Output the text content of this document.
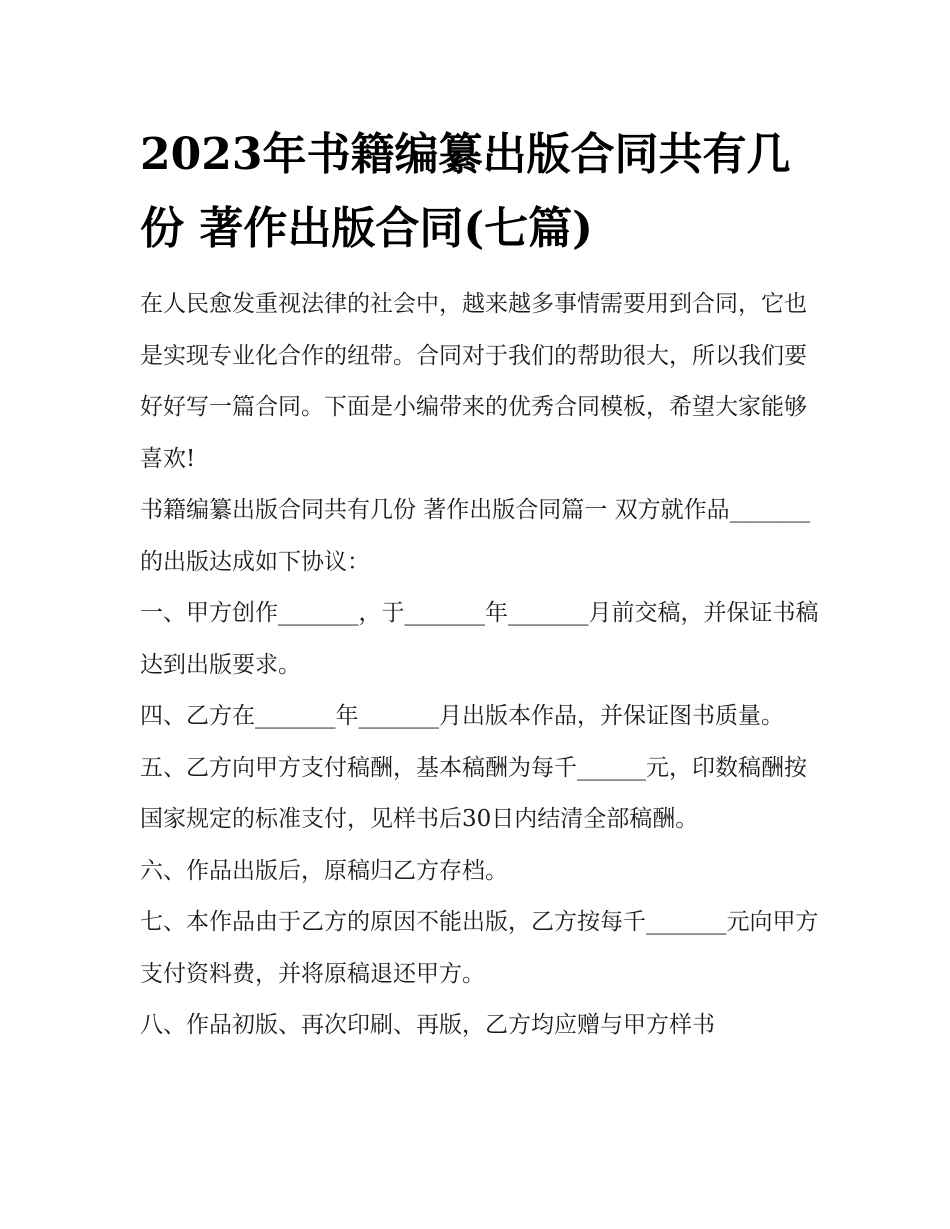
2023年书籍编纂出版合同共有几份 著作出版合同(七篇)

在人民愈发重视法律的社会中，越来越多事情需要用到合同，它也是实现专业化合作的纽带。合同对于我们的帮助很大，所以我们要好好写一篇合同。下面是小编带来的优秀合同模板，希望大家能够喜欢!

书籍编纂出版合同共有几份 著作出版合同篇一 双方就作品_______的出版达成如下协议：

一、甲方创作_______，于_______年_______月前交稿，并保证书稿达到出版要求。

四、乙方在_______年_______月出版本作品，并保证图书质量。

五、乙方向甲方支付稿酬，基本稿酬为每千______元，印数稿酬按国家规定的标准支付，见样书后30日内结清全部稿酬。

六、作品出版后，原稿归乙方存档。

七、本作品由于乙方的原因不能出版，乙方按每千_______元向甲方支付资料费，并将原稿退还甲方。

八、作品初版、再次印刷、再版，乙方均应赠与甲方样书
